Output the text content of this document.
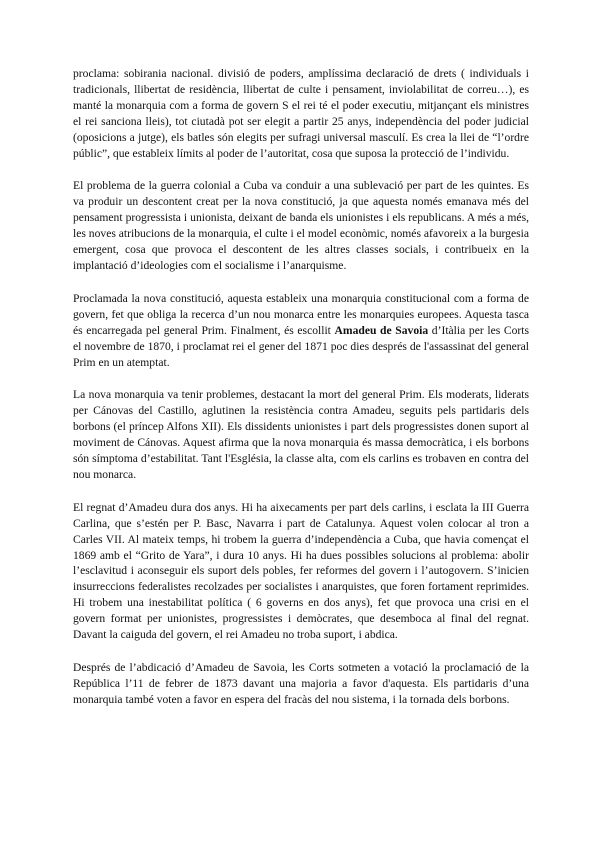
proclama: sobirania nacional. divisió de poders, amplíssima declaració de drets ( individuals i tradicionals, llibertat de residència, llibertat de culte i pensament, inviolabilitat de correu…), es manté la monarquia com a forma de govern S el rei té el poder executiu, mitjançant els ministres el rei sanciona lleis), tot ciutadà pot ser elegit a partir 25 anys, independència del poder judicial (oposicions a jutge), els batles són elegits per sufragi universal masculí. Es crea la llei de “l’ordre públic”, que estableix límits al poder de l’autoritat, cosa que suposa la protecció de l’individu.

El problema de la guerra colonial a Cuba va conduir a una sublevació per part de les quintes. Es va produir un descontent creat per la nova constitució, ja que aquesta només emanava més del pensament progressista i unionista, deixant de banda els unionistes i els republicans. A més a més, les noves atribucions de la monarquia, el culte i el model econòmic, només afavoreix a la burgesia emergent, cosa que provoca el descontent de les altres classes socials, i contribueix en la implantació d’ideologies com el socialisme i l’anarquisme.

Proclamada la nova constitució, aquesta estableix una monarquia constitucional com a forma de govern, fet que obliga la recerca d’un nou monarca entre les monarquies europees. Aquesta tasca és encarregada pel general Prim. Finalment, és escollit Amadeu de Savoia d’Itàlia per les Corts el novembre de 1870, i proclamat rei el gener del 1871 poc dies després de l'assassinat del general Prim en un atemptat.

La nova monarquia va tenir problemes, destacant la mort del general Prim. Els moderats, liderats per Cánovas del Castillo, aglutinen la resistència contra Amadeu, seguits pels partidaris dels borbons (el príncep Alfons XII). Els dissidents unionistes i part dels progressistes donen suport al moviment de Cánovas. Aquest afirma que la nova monarquia és massa democràtica, i els borbons són símptoma d’estabilitat. Tant l'Església, la classe alta, com els carlins es trobaven en contra del nou monarca.

El regnat d’Amadeu dura dos anys. Hi ha aixecaments per part dels carlins, i esclata la III Guerra Carlina, que s’estén per P. Basc, Navarra i part de Catalunya. Aquest volen colocar al tron a Carles VII. Al mateix temps, hi trobem la guerra d’independència a Cuba, que havia començat el 1869 amb el “Grito de Yara”, i dura 10 anys. Hi ha dues possibles solucions al problema: abolir l’esclavitud i aconseguir els suport dels pobles, fer reformes del govern i l’autogovern. S’inicien insurreccions federalistes recolzades per socialistes i anarquistes, que foren fortament reprimides. Hi trobem una inestabilitat política ( 6 governs en dos anys), fet que provoca una crisi en el govern format per unionistes, progressistes i demòcrates, que desemboca al final del regnat. Davant la caiguda del govern, el rei Amadeu no troba suport, i abdica.

Després de l’abdicació d’Amadeu de Savoia, les Corts sotmeten a votació la proclamació de la República l’11 de febrer de 1873 davant una majoria a favor d'aquesta. Els partidaris d’una monarquia també voten a favor en espera del fracàs del nou sistema, i la tornada dels borbons.
